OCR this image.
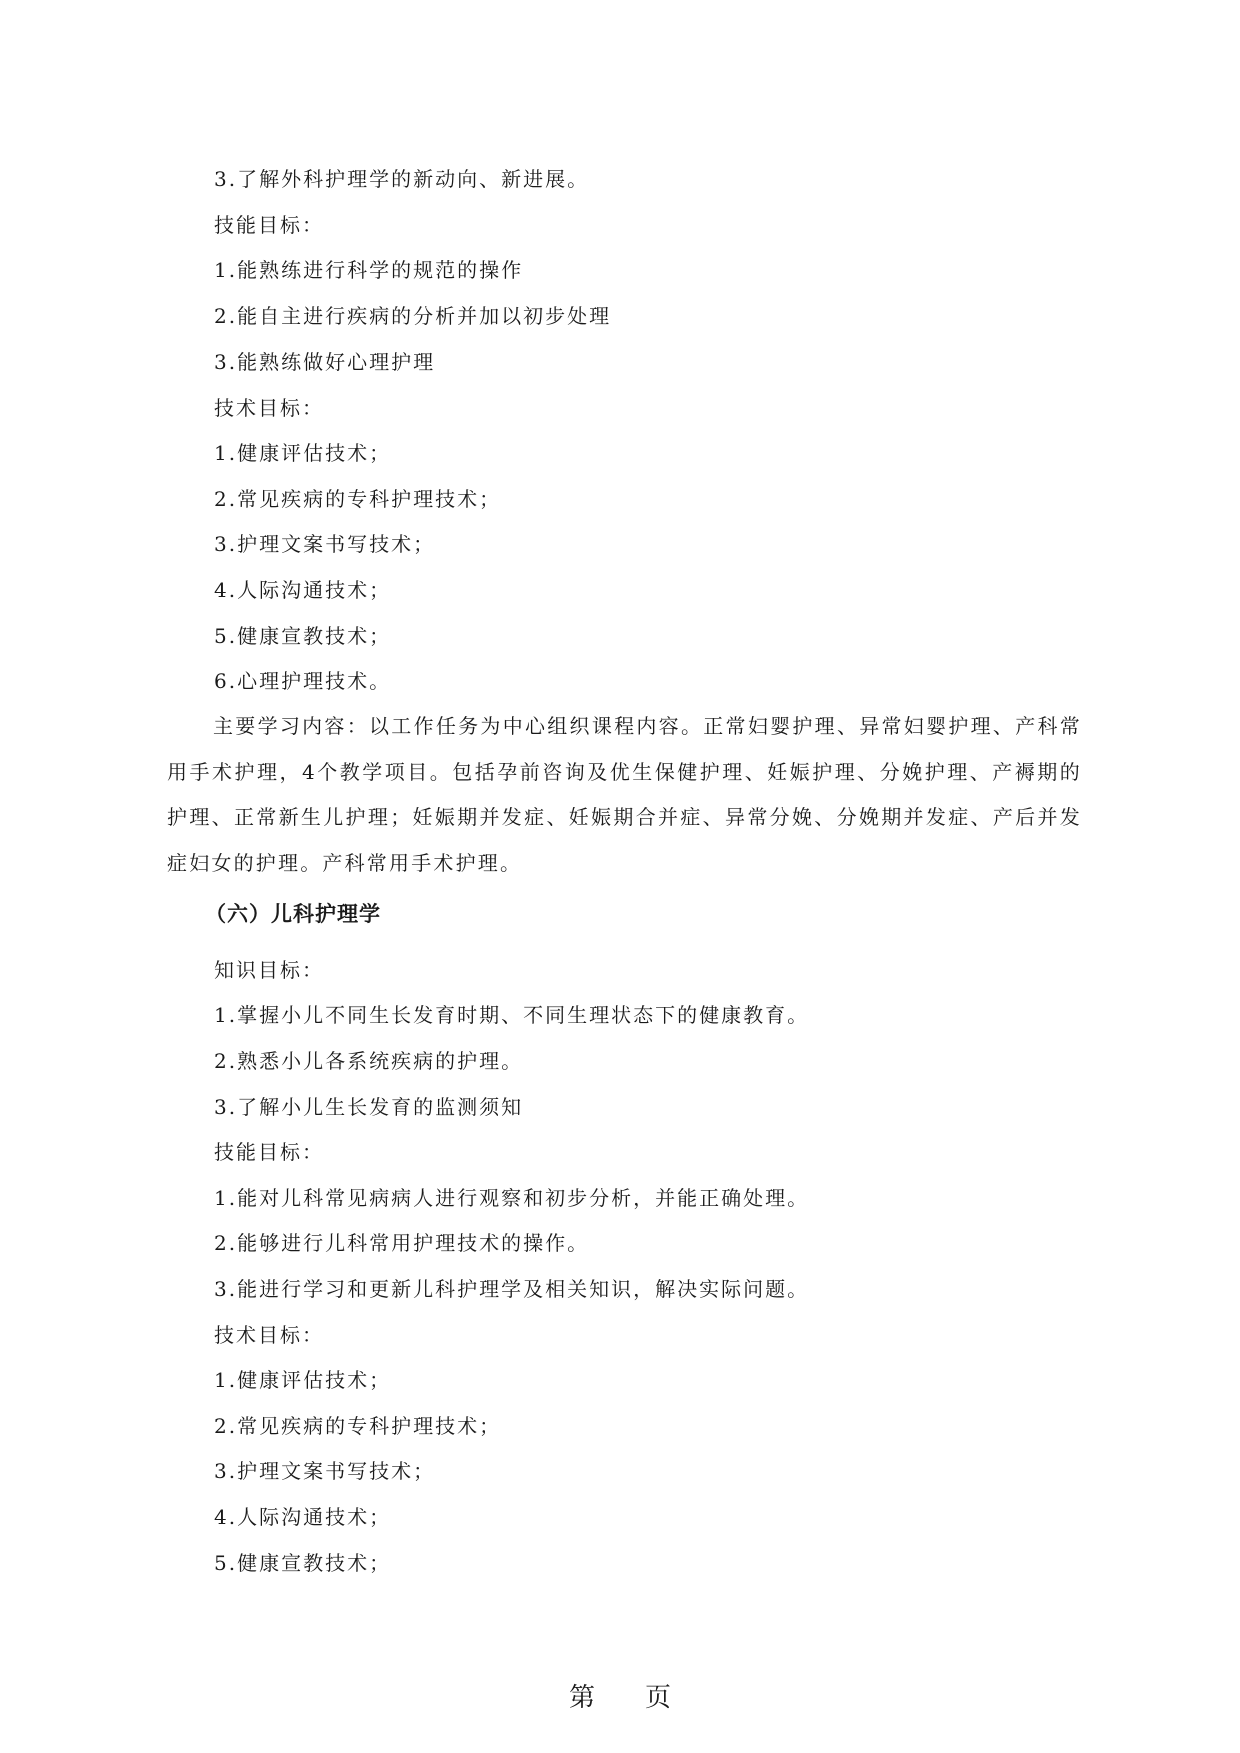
3.了解外科护理学的新动向、新进展。
技能目标：
1.能熟练进行科学的规范的操作
2.能自主进行疾病的分析并加以初步处理
3.能熟练做好心理护理
技术目标：
1.健康评估技术；
2.常见疾病的专科护理技术；
3.护理文案书写技术；
4.人际沟通技术；
5.健康宣教技术；
6.心理护理技术。
主要学习内容：以工作任务为中心组织课程内容。正常妇婴护理、异常妇婴护理、产科常用手术护理，4个教学项目。包括孕前咨询及优生保健护理、妊娠护理、分娩护理、产褥期的护理、正常新生儿护理；妊娠期并发症、妊娠期合并症、异常分娩、分娩期并发症、产后并发症妇女的护理。产科常用手术护理。
（六）儿科护理学
知识目标：
1.掌握小儿不同生长发育时期、不同生理状态下的健康教育。
2.熟悉小儿各系统疾病的护理。
3.了解小儿生长发育的监测须知
技能目标：
1.能对儿科常见病病人进行观察和初步分析，并能正确处理。
2.能够进行儿科常用护理技术的操作。
3.能进行学习和更新儿科护理学及相关知识，解决实际问题。
技术目标：
1.健康评估技术；
2.常见疾病的专科护理技术；
3.护理文案书写技术；
4.人际沟通技术；
5.健康宣教技术；
第 页
